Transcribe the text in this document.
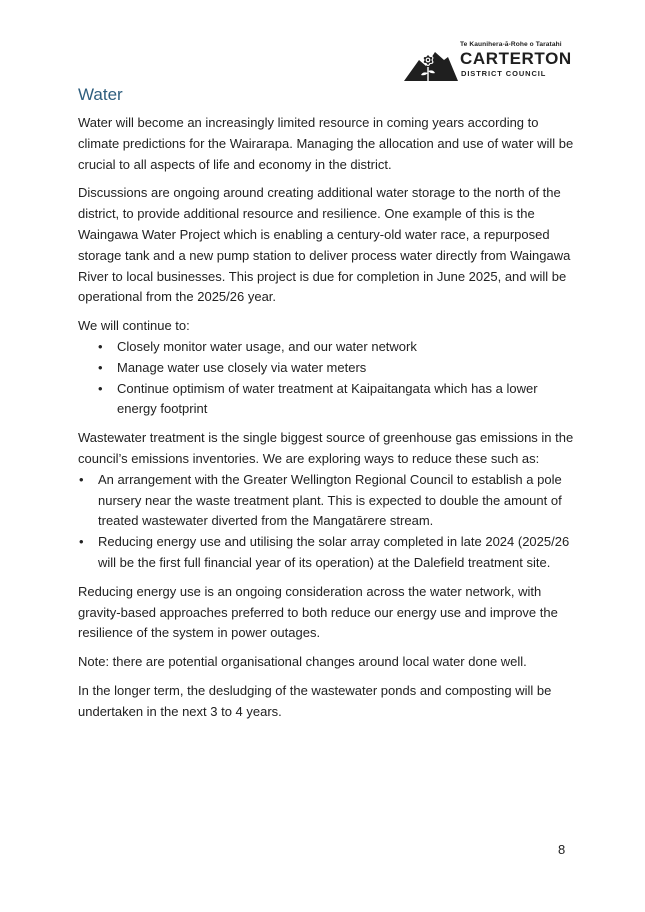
Te Kaunihera-ā-Rohe o Taratahi
CARTERTON
DISTRICT COUNCIL
Water

Water will become an increasingly limited resource in coming years according to climate predictions for the Wairarapa. Managing the allocation and use of water will be crucial to all aspects of life and economy in the district.

Discussions are ongoing around creating additional water storage to the north of the district, to provide additional resource and resilience. One example of this is the Waingawa Water Project which is enabling a century-old water race, a repurposed storage tank and a new pump station to deliver process water directly from Waingawa River to local businesses. This project is due for completion in June 2025, and will be operational from the 2025/26 year.

We will continue to:

• Closely monitor water usage, and our water network
• Manage water use closely via water meters
• Continue optimism of water treatment at Kaipaitangata which has a lower energy footprint

Wastewater treatment is the single biggest source of greenhouse gas emissions in the council’s emissions inventories. We are exploring ways to reduce these such as:

• An arrangement with the Greater Wellington Regional Council to establish a pole nursery near the waste treatment plant. This is expected to double the amount of treated wastewater diverted from the Mangatārere stream.
• Reducing energy use and utilising the solar array completed in late 2024 (2025/26 will be the first full financial year of its operation) at the Dalefield treatment site.

Reducing energy use is an ongoing consideration across the water network, with gravity-based approaches preferred to both reduce our energy use and improve the resilience of the system in power outages.

Note: there are potential organisational changes around local water done well.

In the longer term, the desludging of the wastewater ponds and composting will be undertaken in the next 3 to 4 years.

8
